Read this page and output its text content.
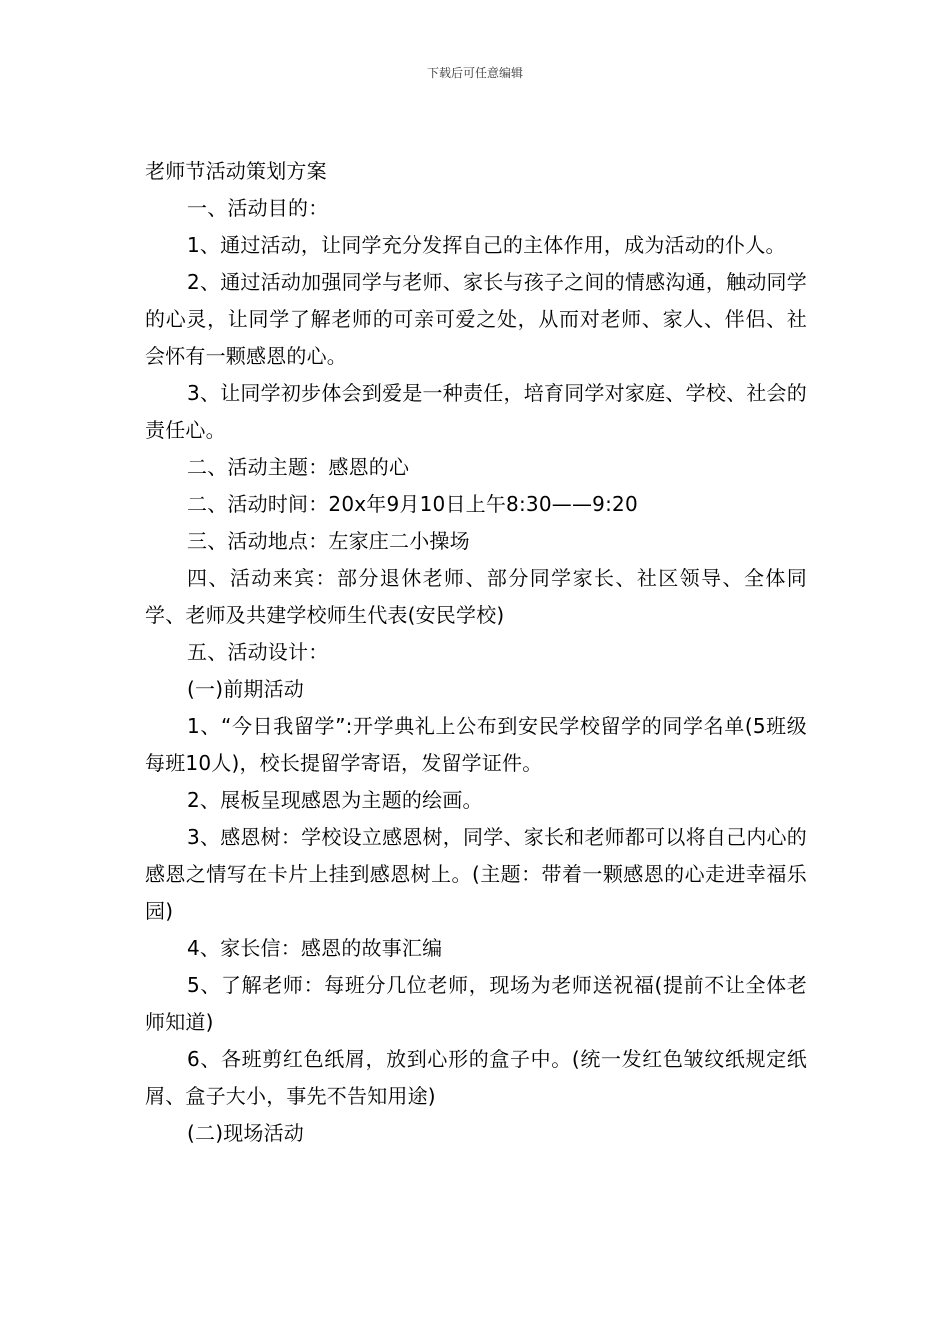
下载后可任意编辑
老师节活动策划方案

一、活动目的：

1、通过活动，让同学充分发挥自己的主体作用，成为活动的仆人。

2、通过活动加强同学与老师、家长与孩子之间的情感沟通，触动同学的心灵，让同学了解老师的可亲可爱之处，从而对老师、家人、伴侣、社会怀有一颗感恩的心。

3、让同学初步体会到爱是一种责任，培育同学对家庭、学校、社会的责任心。

二、活动主题：感恩的心

二、活动时间：20x年9月10日上午8:30——9:20

三、活动地点：左家庄二小操场

四、活动来宾：部分退休老师、部分同学家长、社区领导、全体同学、老师及共建学校师生代表(安民学校)

五、活动设计：

(一)前期活动

1、“今日我留学”:开学典礼上公布到安民学校留学的同学名单(5班级每班10人)，校长提留学寄语，发留学证件。

2、展板呈现感恩为主题的绘画。

3、感恩树：学校设立感恩树，同学、家长和老师都可以将自己内心的感恩之情写在卡片上挂到感恩树上。(主题：带着一颗感恩的心走进幸福乐园)

4、家长信：感恩的故事汇编

5、了解老师：每班分几位老师，现场为老师送祝福(提前不让全体老师知道)

6、各班剪红色纸屑，放到心形的盒子中。(统一发红色皱纹纸规定纸屑、盒子大小，事先不告知用途)

(二)现场活动
